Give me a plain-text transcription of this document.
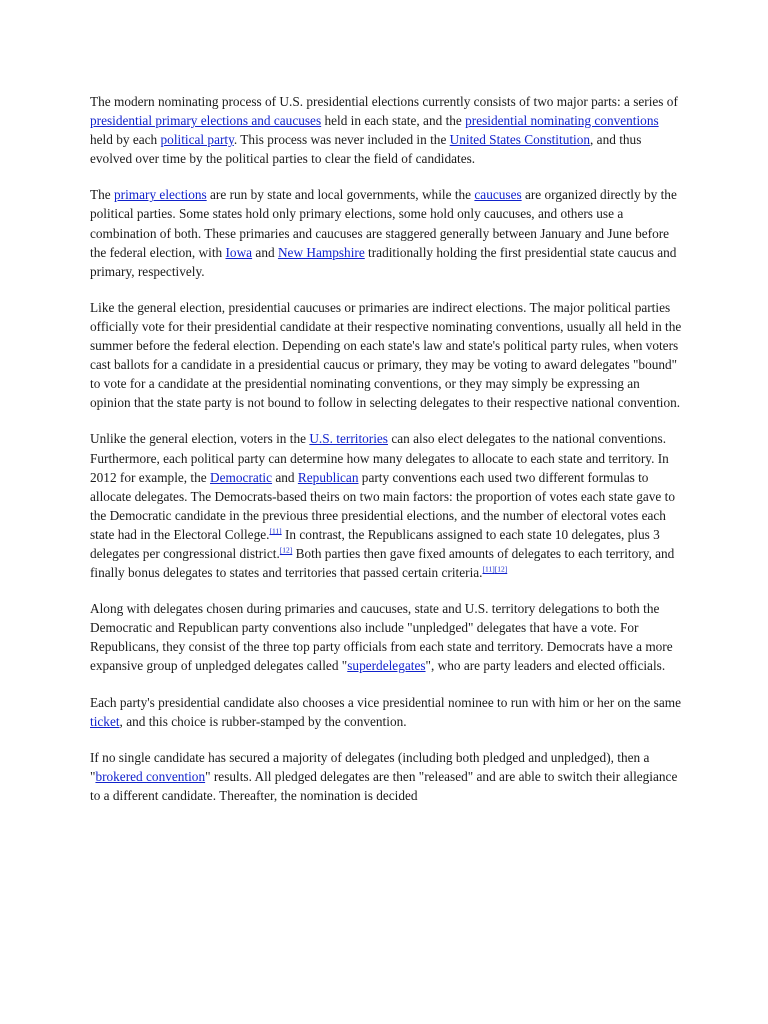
The modern nominating process of U.S. presidential elections currently consists of two major parts: a series of presidential primary elections and caucuses held in each state, and the presidential nominating conventions held by each political party. This process was never included in the United States Constitution, and thus evolved over time by the political parties to clear the field of candidates.

The primary elections are run by state and local governments, while the caucuses are organized directly by the political parties. Some states hold only primary elections, some hold only caucuses, and others use a combination of both. These primaries and caucuses are staggered generally between January and June before the federal election, with Iowa and New Hampshire traditionally holding the first presidential state caucus and primary, respectively.

Like the general election, presidential caucuses or primaries are indirect elections. The major political parties officially vote for their presidential candidate at their respective nominating conventions, usually all held in the summer before the federal election. Depending on each state's law and state's political party rules, when voters cast ballots for a candidate in a presidential caucus or primary, they may be voting to award delegates "bound" to vote for a candidate at the presidential nominating conventions, or they may simply be expressing an opinion that the state party is not bound to follow in selecting delegates to their respective national convention.

Unlike the general election, voters in the U.S. territories can also elect delegates to the national conventions. Furthermore, each political party can determine how many delegates to allocate to each state and territory. In 2012 for example, the Democratic and Republican party conventions each used two different formulas to allocate delegates. The Democrats-based theirs on two main factors: the proportion of votes each state gave to the Democratic candidate in the previous three presidential elections, and the number of electoral votes each state had in the Electoral College.[11] In contrast, the Republicans assigned to each state 10 delegates, plus 3 delegates per congressional district.[12] Both parties then gave fixed amounts of delegates to each territory, and finally bonus delegates to states and territories that passed certain criteria.[11][12]

Along with delegates chosen during primaries and caucuses, state and U.S. territory delegations to both the Democratic and Republican party conventions also include "unpledged" delegates that have a vote. For Republicans, they consist of the three top party officials from each state and territory. Democrats have a more expansive group of unpledged delegates called "superdelegates", who are party leaders and elected officials.

Each party's presidential candidate also chooses a vice presidential nominee to run with him or her on the same ticket, and this choice is rubber-stamped by the convention.

If no single candidate has secured a majority of delegates (including both pledged and unpledged), then a "brokered convention" results. All pledged delegates are then "released" and are able to switch their allegiance to a different candidate. Thereafter, the nomination is decided
